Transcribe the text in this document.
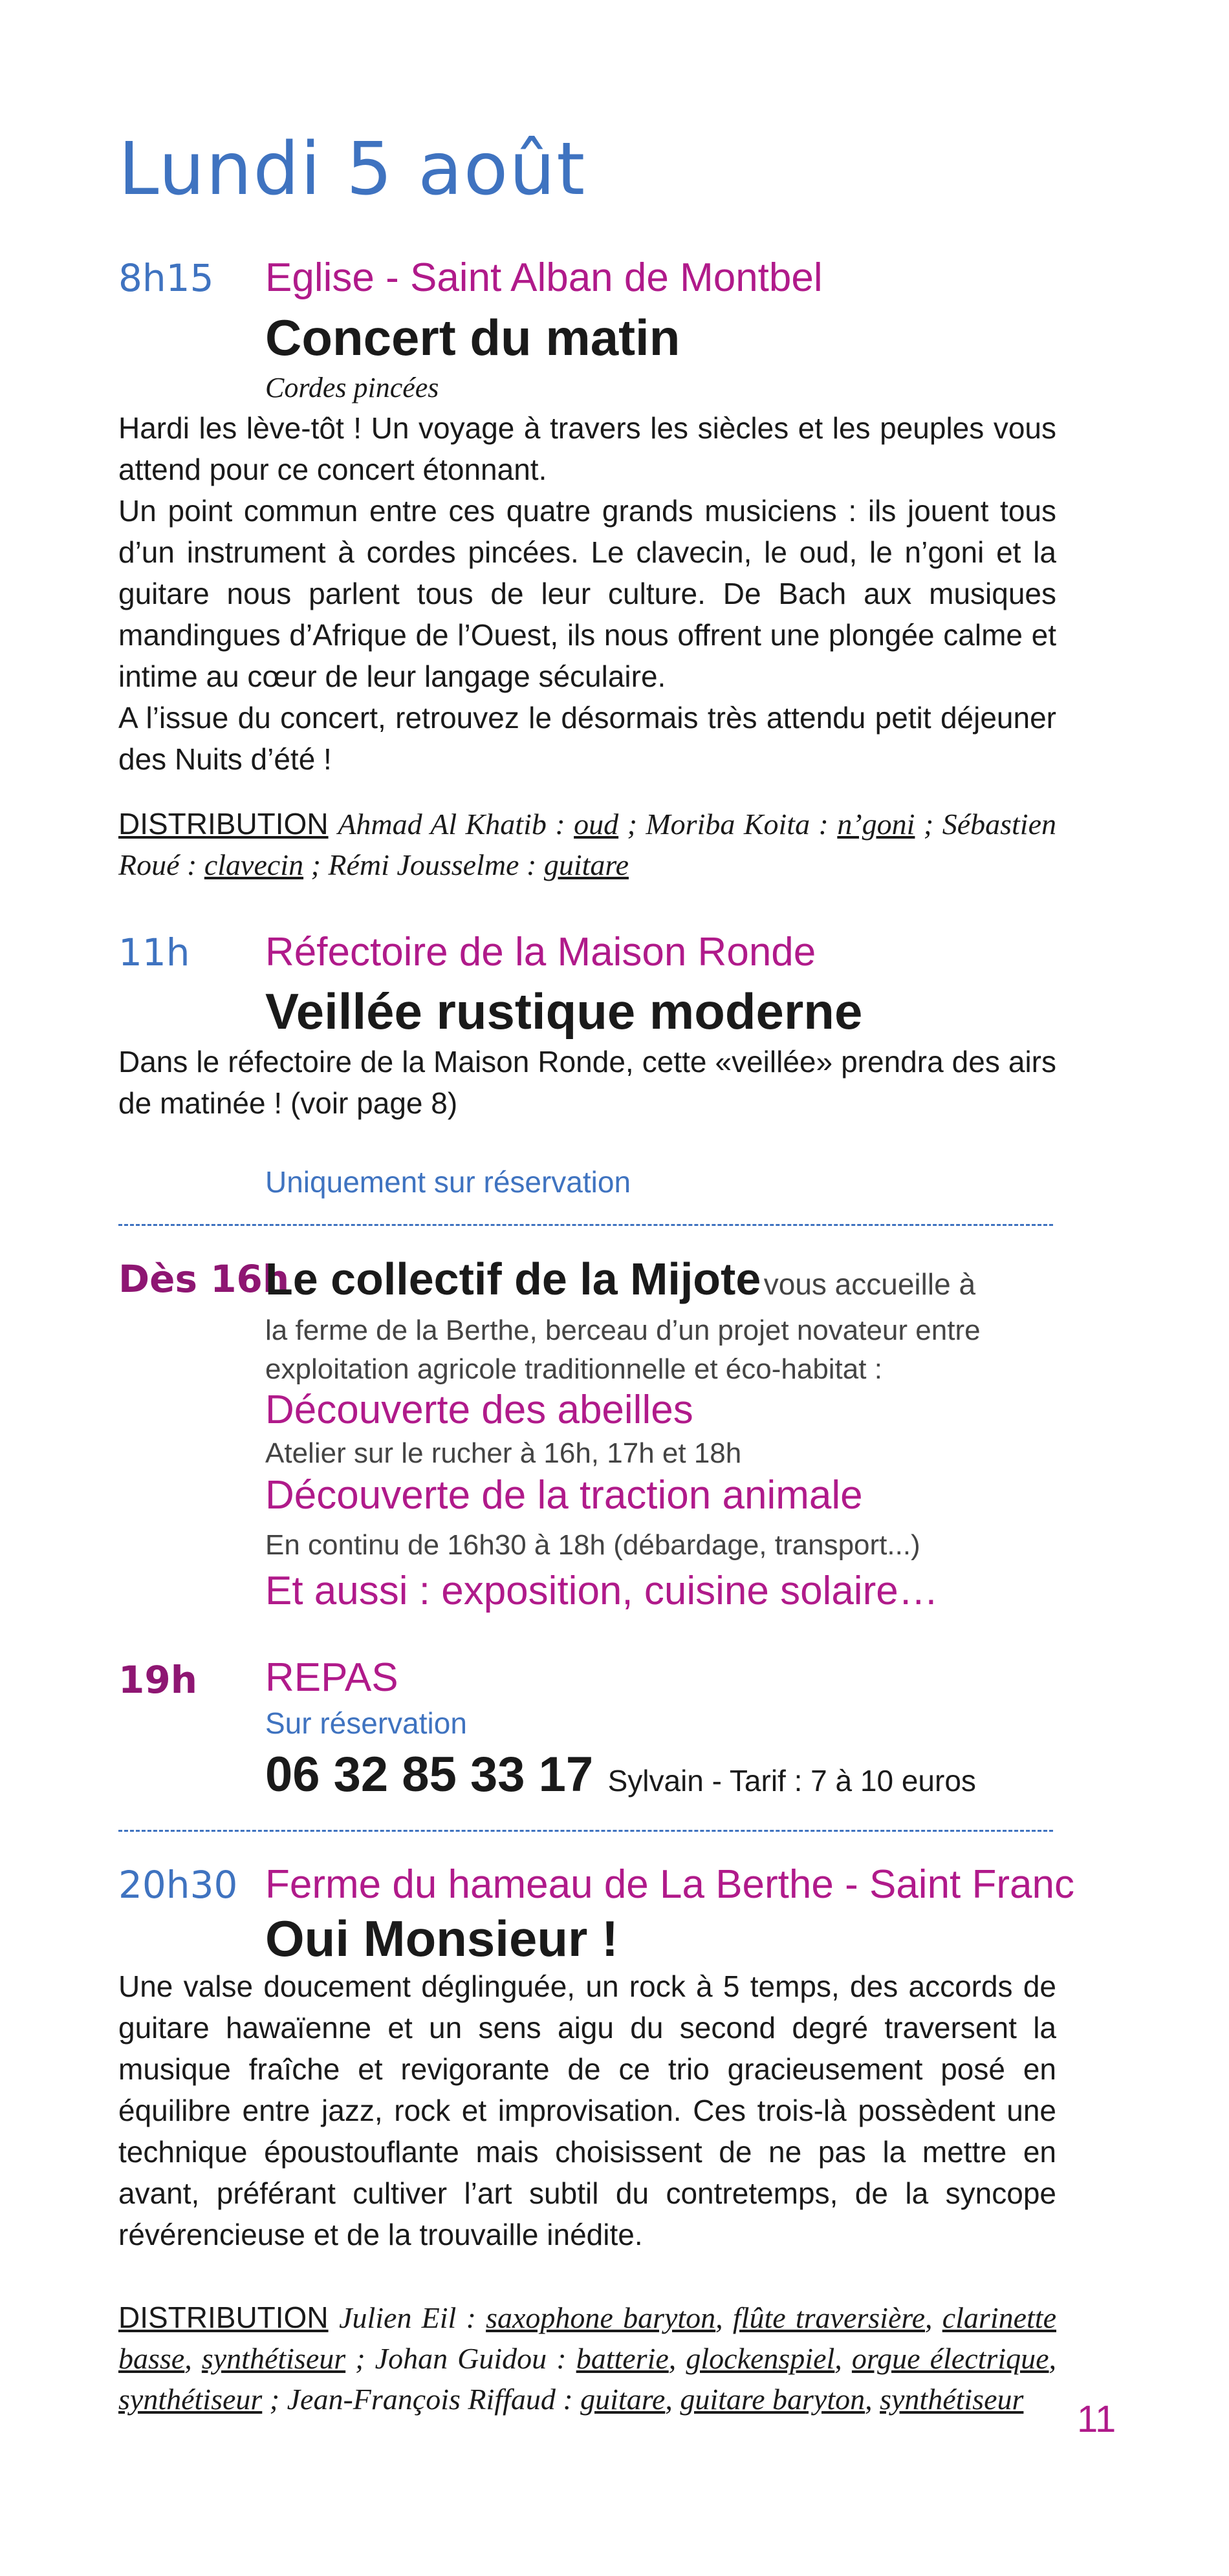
Lundi 5 août
8h15 Eglise - Saint Alban de Montbel
Concert du matin
Cordes pincées
Hardi les lève-tôt ! Un voyage à travers les siècles et les peuples vous attend pour ce concert étonnant.
Un point commun entre ces quatre grands musiciens : ils jouent tous d’un instrument à cordes pincées. Le clavecin, le oud, le n’goni et la guitare nous parlent tous de leur culture. De Bach aux musiques mandingues d’Afrique de l’Ouest, ils nous offrent une plongée calme et intime au cœur de leur langage séculaire.
A l’issue du concert, retrouvez le désormais très attendu petit déjeuner des Nuits d’été !
DISTRIBUTION Ahmad Al Khatib : oud ; Moriba Koita : n’goni ; Sébastien Roué : clavecin ; Rémi Jousselme : guitare
11h Réfectoire de la Maison Ronde
Veillée rustique moderne
Dans le réfectoire de la Maison Ronde, cette «veillée» prendra des airs de matinée ! (voir page 8)
Uniquement sur réservation
Dès 16h
Le collectif de la Mijote vous accueille à
la ferme de la Berthe, berceau d’un projet novateur entre
exploitation agricole traditionnelle et éco-habitat :
Découverte des abeilles
Atelier sur le rucher à 16h, 17h et 18h
Découverte de la traction animale
En continu de 16h30 à 18h (débardage, transport...)
Et aussi : exposition, cuisine solaire…
19h REPAS
Sur réservation
06 32 85 33 17 Sylvain - Tarif : 7 à 10 euros
20h30 Ferme du hameau de La Berthe - Saint Franc
Oui Monsieur !
Une valse doucement déglinguée, un rock à 5 temps, des accords de guitare hawaïenne et un sens aigu du second degré traversent la musique fraîche et revigorante de ce trio gracieusement posé en équilibre entre jazz, rock et improvisation. Ces trois-là possèdent une technique époustouflante mais choisissent de ne pas la mettre en avant, préférant cultiver l’art subtil du contretemps, de la syncope révérencieuse et de la trouvaille inédite.
DISTRIBUTION Julien Eil : saxophone baryton, flûte traversière, clarinette basse, synthétiseur ; Johan Guidou : batterie, glockenspiel, orgue électrique, synthétiseur ; Jean-François Riffaud : guitare, guitare baryton, synthétiseur	11
